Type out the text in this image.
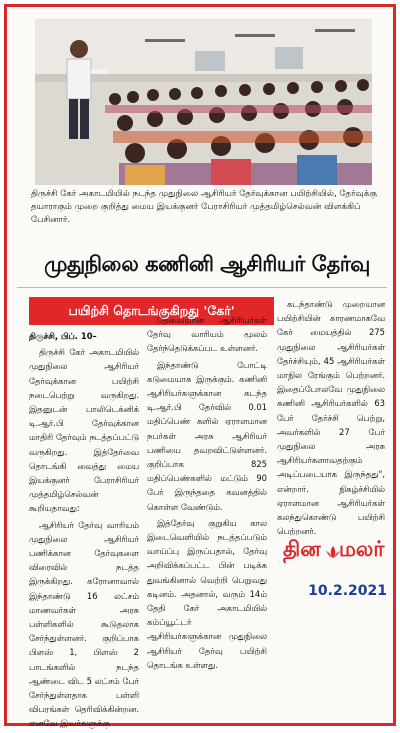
திருச்சி கேர் அகாடமியில் நடந்த முதுநிலை ஆசிரியர் தேர்வுக்கான பயிற்சியில், தேர்வுக்கு தயாராகும் முறை குறித்து மைய இயக்குனர் பேராசிரியர் முத்தமிழ்செல்வன் விளக்கிப் பேசினார்.
முதுநிலை கணினி ஆசிரியர் தேர்வு
பயிற்சி தொடங்குகிறது 'கேர்'

திருச்சி, பிப். 10–

திருச்சி கேர் அகாடமியில் முதுநிலை ஆசிரியர் தேர்வுக்கான பயிற்சி நடைபெற்று வருகிறது. இதனுடன் பாலிடெக்னிக் டி.ஆர்.பி தேர்வுக்கான மாதிரி தேர்வும் நடத்தப்பட்டு வருகிறது. இத்தேர்வை தொடங்கி வைத்து மைய இயக்குனர் பேராசிரியர் முத்தமிழ்செல்வன் கூறியதாவது:

ஆசிரியர் தேர்வு வாரியம் முதுநிலை ஆசிரியர் பணிக்கான தேர்வுகளை விரைவில் நடத்த இருக்கிறது. கரோனாவால் இந்தாண்டு 16 லட்சம் மாணவர்கள் அரசு பள்ளிகளில் கூடுதலாக சேர்ந்துள்ளனர். குறிப்பாக பிளஸ் 1, பிளஸ் 2 பாடங்களில் நடந்த ஆண்டை விட 5 லட்சம் பேர் சேர்ந்துள்ளதாக பள்ளி விபரங்கள் தெரிவிக்கின்றன. எனவே இவர்களுக்கு

தேவையான ஆசிரியர்கள் தேர்வு வாரியம் மூலம் தேர்ந்தெடுக்கப்பட உள்ளனர்.

இந்தாண்டு போட்டி கடுமையாக இருக்கும். கணினி ஆசிரியர்களுக்கான கடந்த டி.ஆர்.பி தேர்வில் 0.01 மதிப்பெண் களில் ஏராளமான நபர்கள் அரசு ஆசிரியர் பணியை தவறவிட்டுள்ளனர். குறிப்பாக 825 மதிப்பெண்களில் மட்டும் 90 பேர் இருந்ததை கவனத்தில் கொள்ள வேண்டும்.

இத்தேர்வு குறுகிய கால இடைவெளியில் நடத்தப்படும் வாய்ப்பு இருப்பதால், தேர்வு அறிவிக்கப்பட்ட பின் படிக்க துவங்கினால் வெற்றி பெறுவது கடினம். அதனால், வரும் 14ம் தேதி கேர் அகாடமியில் கம்ப்யூட்டர் ஆசிரியர்களுக்கான முதுநிலை ஆசிரியர் தேர்வு பயிற்சி தொடங்க உள்ளது.

கடந்தாண்டு முறையான பயிற்சியின் காரணமாகவே கேர் மையத்தில் 275 முதுநிலை ஆசிரியர்கள் தேர்ச்சியும், 45 ஆசிரியர்கள் மாநில ரேங்கும் பெற்றனர். இதைப்போலவே முதுநிலை கணினி ஆசிரியர்களில் 63 பேர் தேர்ச்சி பெற்று, அவர்களில் 27 பேர் முதுநிலை அரசு ஆசிரியர்களாவதற்கும் அடிப்படையாக இருந்தது", என்றார். நிகழ்ச்சியில் ஏராளமான ஆசிரியர்கள் கலந்துகொண்டு பயிற்சி பெற்றனர்.

தின மலர்
10.2.2021
